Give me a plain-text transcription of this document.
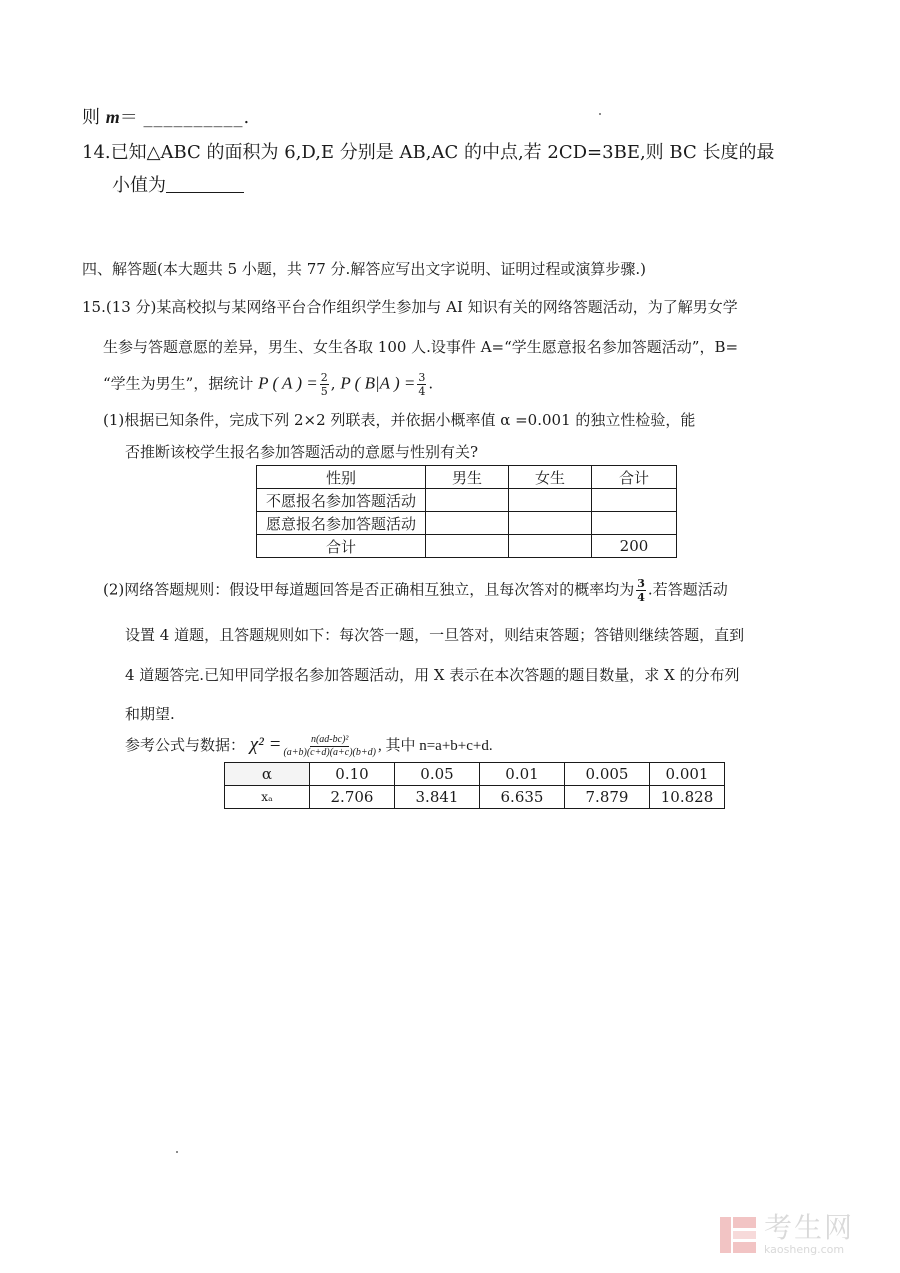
则 m＝ __________.
14.已知△ABC 的面积为 6,D,E 分别是 AB,AC 的中点,若 2CD=3BE,则 BC 长度的最
小值为
四、解答题(本大题共 5 小题，共 77 分.解答应写出文字说明、证明过程或演算步骤.)
15.(13 分)某高校拟与某网络平台合作组织学生参加与 AI 知识有关的网络答题活动，为了解男女学
生参与答题意愿的差异，男生、女生各取 100 人.设事件 A=“学生愿意报名参加答题活动”，B=
“学生为男生”，据统计 P ( A ) = $\frac{2}{5}$ , P ( B|A ) = $\frac{3}{4}$ .
(1)根据已知条件，完成下列 2×2 列联表，并依据小概率值 α =0.001 的独立性检验，能
否推断该校学生报名参加答题活动的意愿与性别有关?
性别	男生	女生	合计
不愿报名参加答题活动			
愿意报名参加答题活动			
合计			200
(2)网络答题规则：假设甲每道题回答是否正确相互独立，且每次答对的概率均为 $\frac{3}{4}$ .若答题活动
设置 4 道题，且答题规则如下：每次答一题，一旦答对，则结束答题；答错则继续答题，直到
4 道题答完.已知甲同学报名参加答题活动，用 X 表示在本次答题的题目数量，求 X 的分布列
和期望.
参考公式与数据： $\chi^2 = \frac{\text{n(ad-bc)²}}{(a+b)(c+d)(a+c)(b+d)}$ , 其中 n=a+b+c+d.
α	0.10	0.05	0.01	0.005	0.001
xₐ	2.706	3.841	6.635	7.879	10.828
考生网
kaosheng.com
